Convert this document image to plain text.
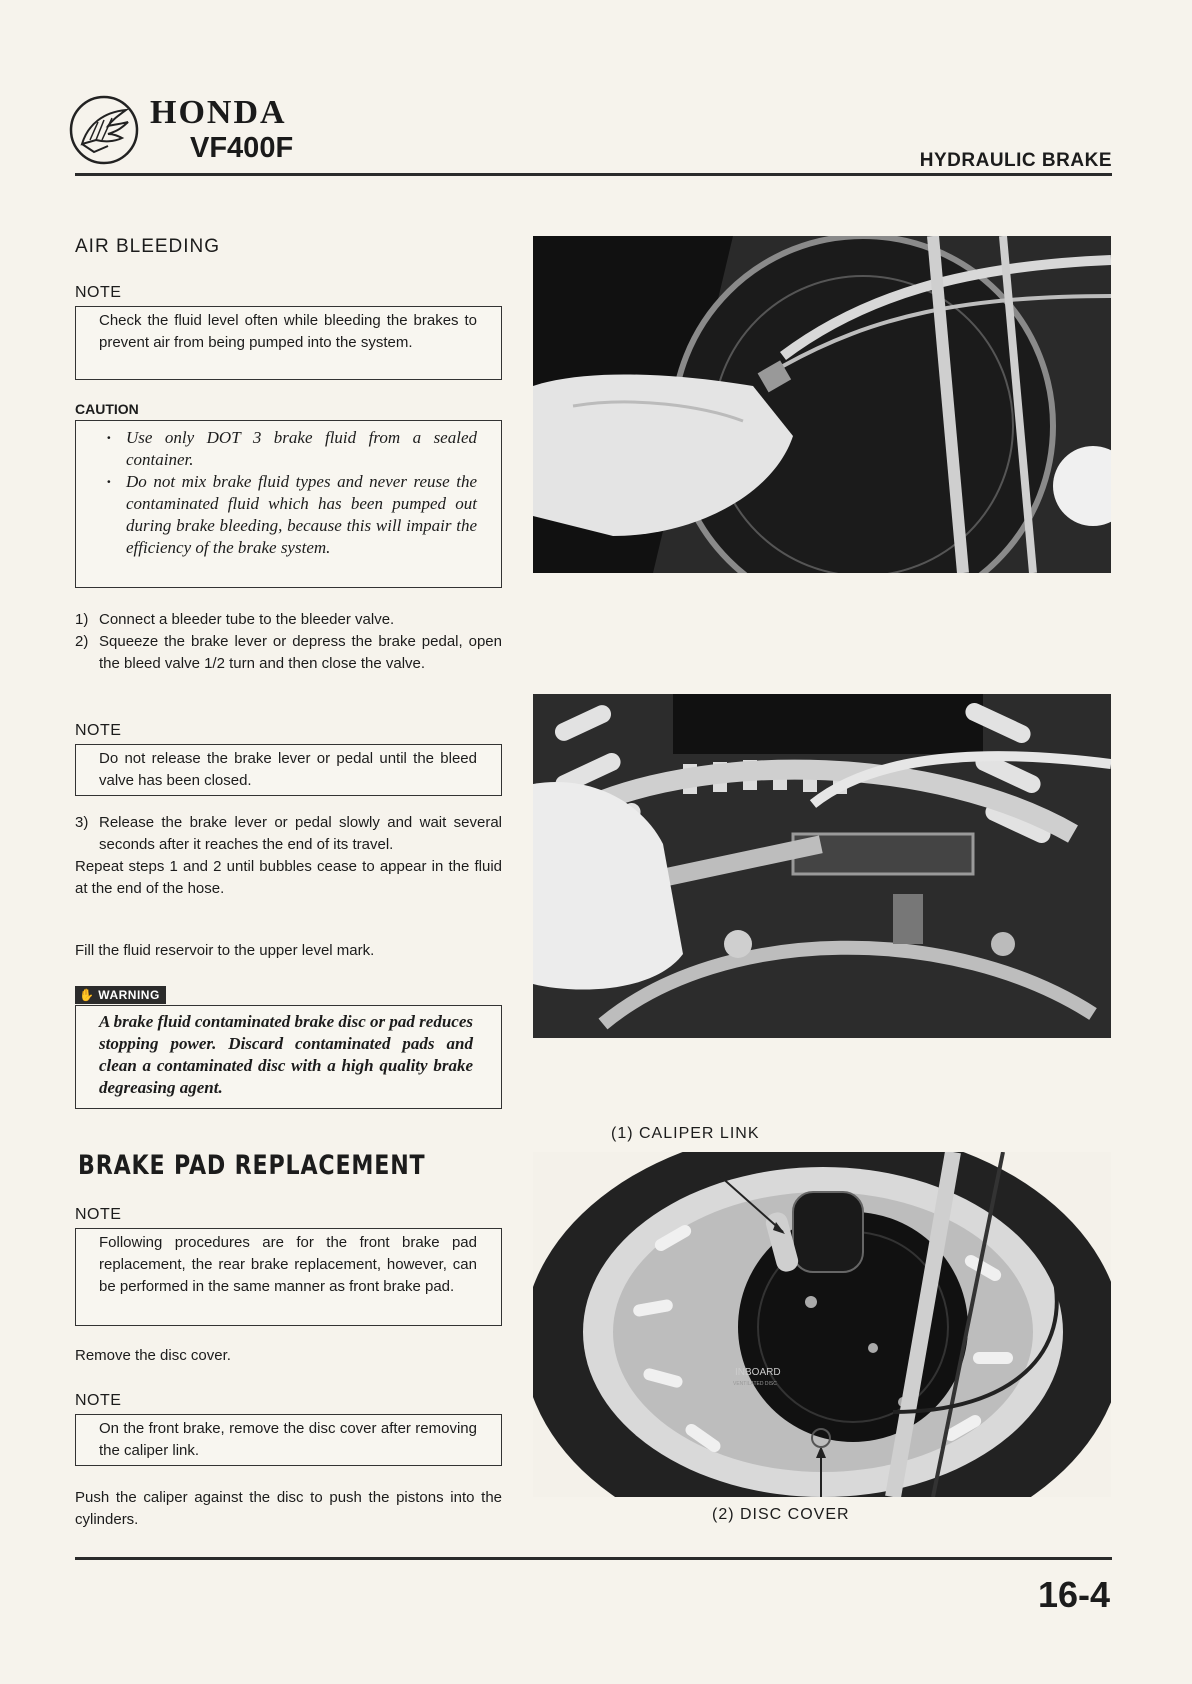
HONDA
VF400F	HYDRAULIC BRAKE
AIR BLEEDING
NOTE

Check the fluid level often while bleeding the brakes to prevent air from being pumped into the system.

CAUTION
· Use only DOT 3 brake fluid from a sealed container.
· Do not mix brake fluid types and never reuse the contaminated fluid which has been pumped out during brake bleeding, because this will impair the efficiency of the brake system.
1) Connect a bleeder tube to the bleeder valve.
2) Squeeze the brake lever or depress the brake pedal, open the bleed valve 1/2 turn and then close the valve.
NOTE

Do not release the brake lever or pedal until the bleed valve has been closed.

3) Release the brake lever or pedal slowly and wait several seconds after it reaches the end of its travel.

Repeat steps 1 and 2 until bubbles cease to appear in the fluid at the end of the hose.

Fill the fluid reservoir to the upper level mark.

✋ WARNING

A brake fluid contaminated brake disc or pad reduces stopping power. Discard contaminated pads and clean a contaminated disc with a high quality brake degreasing agent.

BRAKE PAD REPLACEMENT
NOTE

Following procedures are for the front brake pad replacement, the rear brake replacement, however, can be performed in the same manner as front brake pad.

Remove the disc cover.

NOTE

On the front brake, remove the disc cover after removing the caliper link.

Push the caliper against the disc to push the pistons into the cylinders.

(1) CALIPER LINK
INBOARD
VENTILATED DISC
(2) DISC COVER
16-4
